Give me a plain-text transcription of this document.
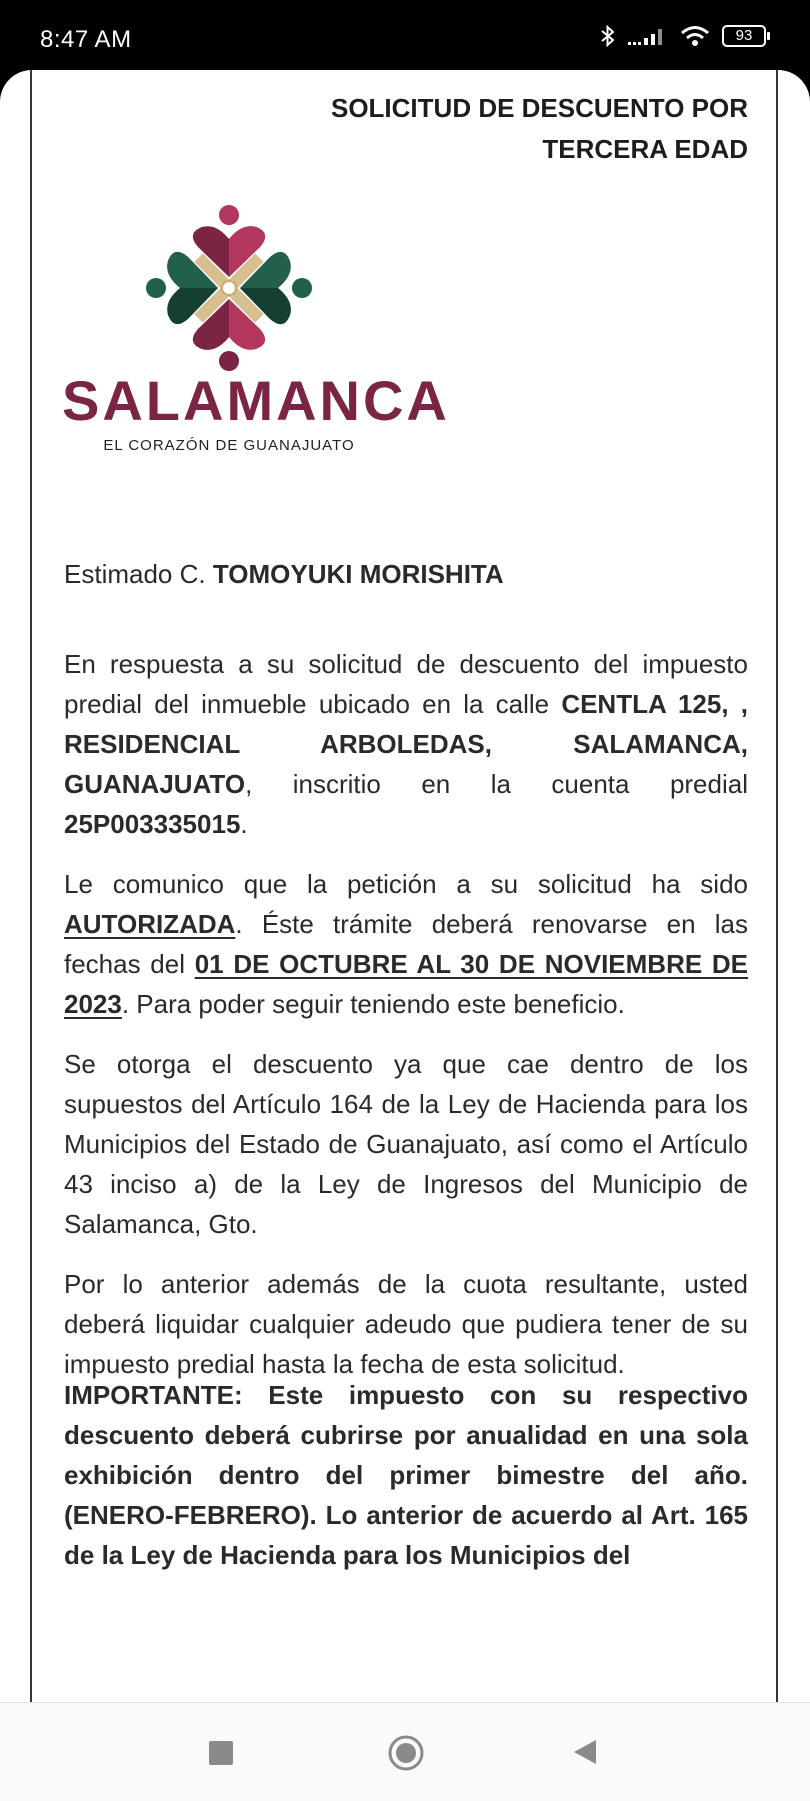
8:47 AM	93
SOLICITUD DE DESCUENTO POR
TERCERA EDAD
SALAMANCA
EL CORAZÓN DE GUANAJUATO
Estimado C. TOMOYUKI MORISHITA

En respuesta a su solicitud de descuento del impuesto predial del inmueble ubicado en la calle CENTLA 125, , RESIDENCIAL ARBOLEDAS, SALAMANCA, GUANAJUATO, inscritio en la cuenta predial 25P003335015.

Le comunico que la petición a su solicitud ha sido AUTORIZADA. Éste trámite deberá renovarse en las fechas del 01 DE OCTUBRE AL 30 DE NOVIEMBRE DE 2023. Para poder seguir teniendo este beneficio.

Se otorga el descuento ya que cae dentro de los supuestos del Artículo 164 de la Ley de Hacienda para los Municipios del Estado de Guanajuato, así como el Artículo 43 inciso a) de la Ley de Ingresos del Municipio de Salamanca, Gto.

Por lo anterior además de la cuota resultante, usted deberá liquidar cualquier adeudo que pudiera tener de su impuesto predial hasta la fecha de esta solicitud.

IMPORTANTE: Este impuesto con su respectivo descuento deberá cubrirse por anualidad en una sola exhibición dentro del primer bimestre del año. (ENERO-FEBRERO). Lo anterior de acuerdo al Art. 165 de la Ley de Hacienda para los Municipios del
